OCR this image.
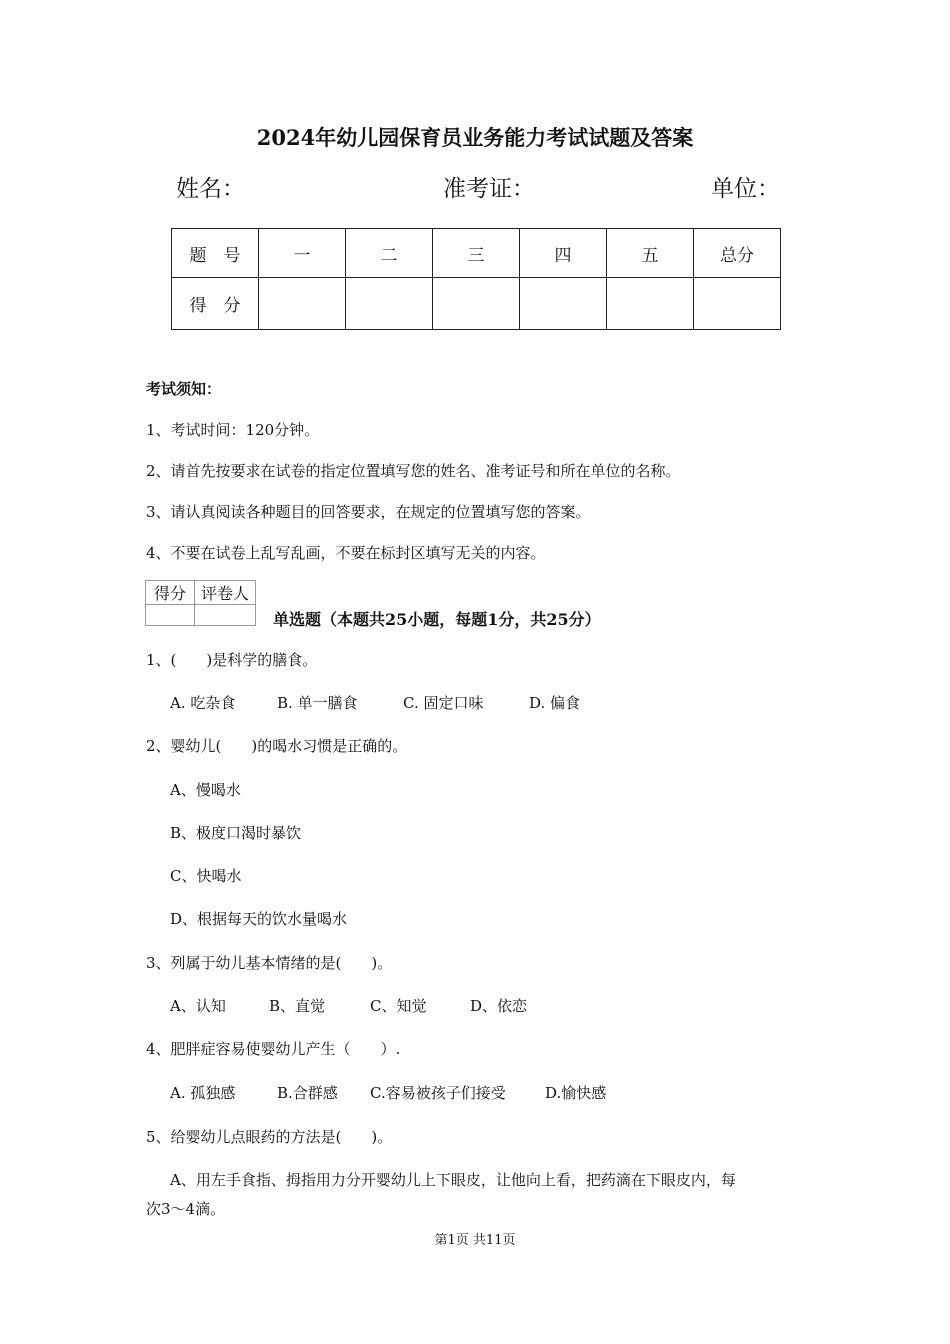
2024年幼儿园保育员业务能力考试试题及答案
姓名：	准考证：	单位：
题　号	一	二	三	四	五	总分
得　分						
考试须知：
1、考试时间：120分钟。
2、请首先按要求在试卷的指定位置填写您的姓名、准考证号和所在单位的名称。
3、请认真阅读各种题目的回答要求，在规定的位置填写您的答案。
4、不要在试卷上乱写乱画，不要在标封区填写无关的内容。
得分	评卷人

单选题（本题共25小题，每题1分，共25分）
1、(　　)是科学的膳食。
A. 吃杂食	B. 单一膳食	C. 固定口味	D. 偏食
2、婴幼儿(　　)的喝水习惯是正确的。
A、慢喝水
B、极度口渴时暴饮
C、快喝水
D、根据每天的饮水量喝水
3、列属于幼儿基本情绪的是(　　)。
A、认知	B、直觉	C、知觉	D、依恋
4、肥胖症容易使婴幼儿产生（　　）.
A. 孤独感	B.合群感 C.容易被孩子们接受	D.愉快感
5、给婴幼儿点眼药的方法是(　　)。
A、用左手食指、拇指用力分开婴幼儿上下眼皮，让他向上看，把药滴在下眼皮内，每
次3～4滴。
第1页 共11页
